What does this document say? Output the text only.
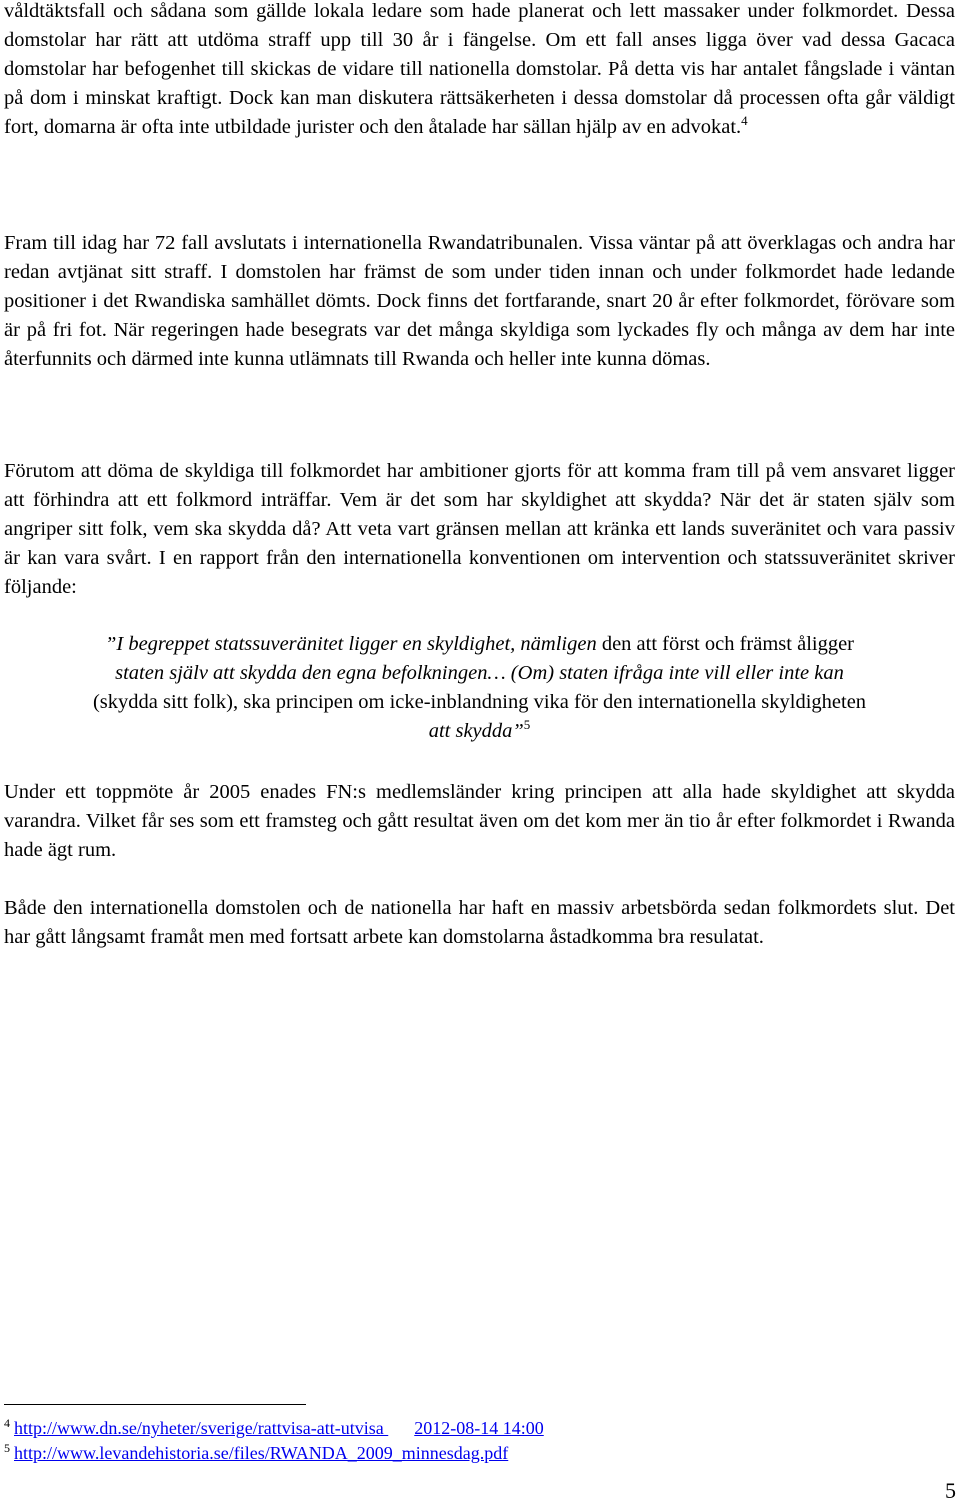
våldtäktsfall och sådana som gällde lokala ledare som hade planerat och lett massaker under folkmordet. Dessa domstolar har rätt att utdöma straff upp till 30 år i fängelse. Om ett fall anses ligga över vad dessa Gacaca domstolar har befogenhet till skickas de vidare till nationella domstolar. På detta vis har antalet fångslade i väntan på dom i minskat kraftigt. Dock kan man diskutera rättsäkerheten i dessa domstolar då processen ofta går väldigt fort, domarna är ofta inte utbildade jurister och den åtalade har sällan hjälp av en advokat.$^4$

Fram till idag har 72 fall avslutats i internationella Rwandatribunalen. Vissa väntar på att överklagas och andra har redan avtjänat sitt straff. I domstolen har främst de som under tiden innan och under folkmordet hade ledande positioner i det Rwandiska samhället dömts. Dock finns det fortfarande, snart 20 år efter folkmordet, förövare som är på fri fot. När regeringen hade besegrats var det många skyldiga som lyckades fly och många av dem har inte återfunnits och därmed inte kunna utlämnats till Rwanda och heller inte kunna dömas.

Förutom att döma de skyldiga till folkmordet har ambitioner gjorts för att komma fram till på vem ansvaret ligger att förhindra att ett folkmord inträffar. Vem är det som har skyldighet att skydda? När det är staten själv som angriper sitt folk, vem ska skydda då? Att veta vart gränsen mellan att kränka ett lands suveränitet och vara passiv är kan vara svårt. I en rapport från den internationella konventionen om intervention och statssuveränitet skriver följande:

”I begreppet statssuveränitet ligger en skyldighet, nämligen den att först och främst åligger
staten själv att skydda den egna befolkningen… (Om) staten ifråga inte vill eller inte kan
(skydda sitt folk), ska principen om icke-inblandning vika för den internationella skyldigheten
att skydda”$^5$

Under ett toppmöte år 2005 enades FN:s medlemsländer kring principen att alla hade skyldighet att skydda varandra. Vilket får ses som ett framsteg och gått resultat även om det kom mer än tio år efter folkmordet i Rwanda hade ägt rum.

Både den internationella domstolen och de nationella har haft en massiv arbetsbörda sedan folkmordets slut. Det har gått långsamt framåt men med fortsatt arbete kan domstolarna åstadkomma bra resulatat.

$^4$ http://www.dn.se/nyheter/sverige/rattvisa-att-utvisa 2012-08-14 14:00

$^5$ http://www.levandehistoria.se/files/RWANDA_2009_minnesdag.pdf

5
